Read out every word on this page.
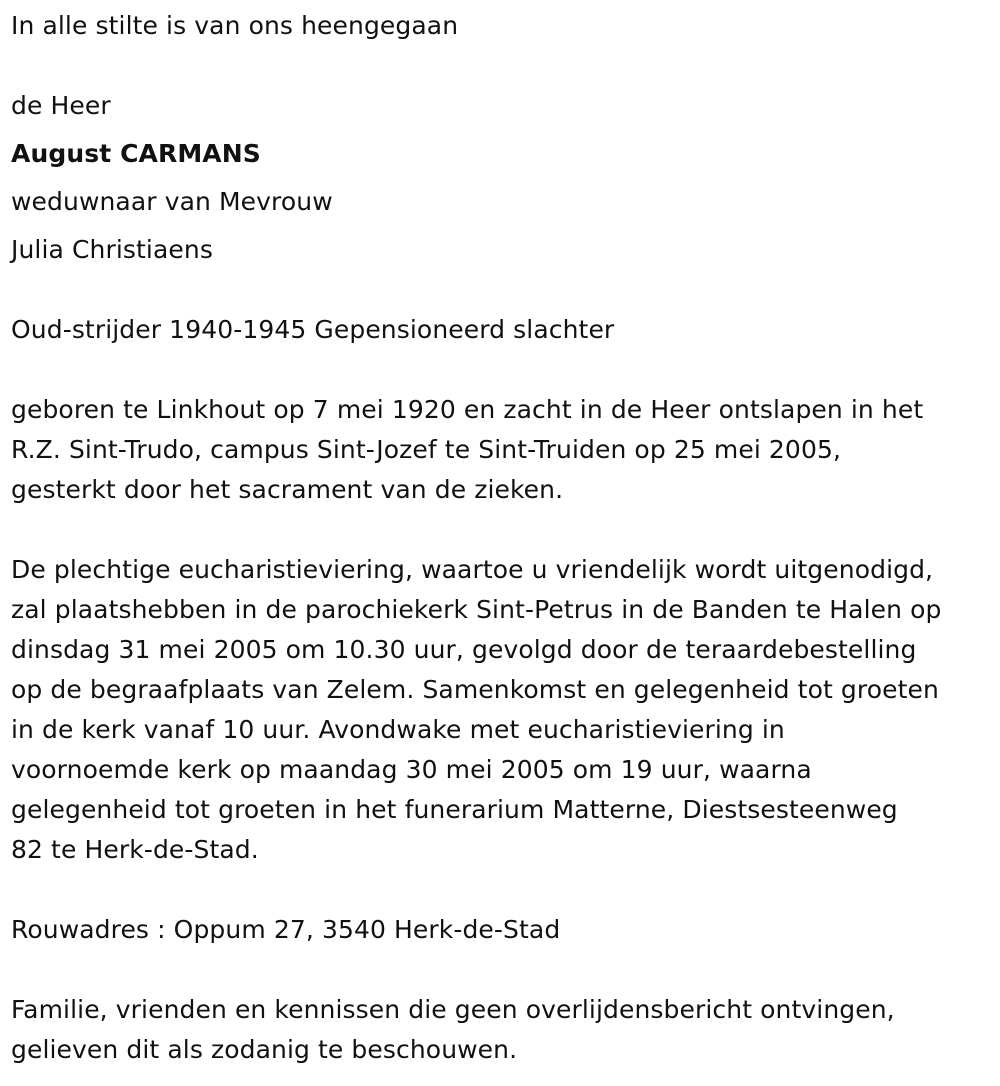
In alle stilte is van ons heengegaan

de Heer

August CARMANS

weduwnaar van Mevrouw

Julia Christiaens

Oud-strijder 1940-1945 Gepensioneerd slachter

geboren te Linkhout op 7 mei 1920 en zacht in de Heer ontslapen in het

R.Z. Sint-Trudo, campus Sint-Jozef te Sint-Truiden op 25 mei 2005,

gesterkt door het sacrament van de zieken.

De plechtige eucharistieviering, waartoe u vriendelijk wordt uitgenodigd,

zal plaatshebben in de parochiekerk Sint-Petrus in de Banden te Halen op

dinsdag 31 mei 2005 om 10.30 uur, gevolgd door de teraardebestelling

op de begraafplaats van Zelem. Samenkomst en gelegenheid tot groeten

in de kerk vanaf 10 uur. Avondwake met eucharistieviering in

voornoemde kerk op maandag 30 mei 2005 om 19 uur, waarna

gelegenheid tot groeten in het funerarium Matterne, Diestsesteenweg

82 te Herk-de-Stad.

Rouwadres : Oppum 27, 3540 Herk-de-Stad

Familie, vrienden en kennissen die geen overlijdensbericht ontvingen,

gelieven dit als zodanig te beschouwen.
